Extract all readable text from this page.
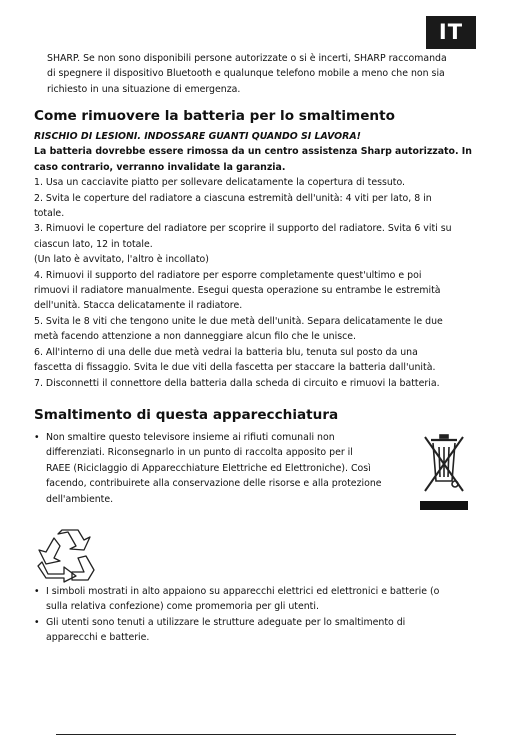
IT
SHARP. Se non sono disponibili persone autorizzate o si è incerti, SHARP raccomanda
di spegnere il dispositivo Bluetooth e qualunque telefono mobile a meno che non sia
richiesto in una situazione di emergenza.
Come rimuovere la batteria per lo smaltimento

RISCHIO DI LESIONI. INDOSSARE GUANTI QUANDO SI LAVORA!

La batteria dovrebbe essere rimossa da un centro assistenza Sharp autorizzato. In

caso contrario, verranno invalidate la garanzia.

1. Usa un cacciavite piatto per sollevare delicatamente la copertura di tessuto.

2. Svita le coperture del radiatore a ciascuna estremità dell'unità: 4 viti per lato, 8 in

totale.

3. Rimuovi le coperture del radiatore per scoprire il supporto del radiatore. Svita 6 viti su

ciascun lato, 12 in totale.

(Un lato è avvitato, l'altro è incollato)

4. Rimuovi il supporto del radiatore per esporre completamente quest'ultimo e poi

rimuovi il radiatore manualmente. Esegui questa operazione su entrambe le estremità

dell'unità. Stacca delicatamente il radiatore.

5. Svita le 8 viti che tengono unite le due metà dell'unità. Separa delicatamente le due

metà facendo attenzione a non danneggiare alcun filo che le unisce.

6. All'interno di una delle due metà vedrai la batteria blu, tenuta sul posto da una

fascetta di fissaggio. Svita le due viti della fascetta per staccare la batteria dall'unità.

7. Disconnetti il connettore della batteria dalla scheda di circuito e rimuovi la batteria.

Smaltimento di questa apparecchiatura
• Non smaltire questo televisore insieme ai rifiuti comunali non
differenziati. Riconsegnarlo in un punto di raccolta apposito per il
RAEE (Riciclaggio di Apparecchiature Elettriche ed Elettroniche). Così
facendo, contribuirete alla conservazione delle risorse e alla protezione
dell'ambiente.
• I simboli mostrati in alto appaiono su apparecchi elettrici ed elettronici e batterie (o
sulla relativa confezione) come promemoria per gli utenti.
• Gli utenti sono tenuti a utilizzare le strutture adeguate per lo smaltimento di
apparecchi e batterie.
